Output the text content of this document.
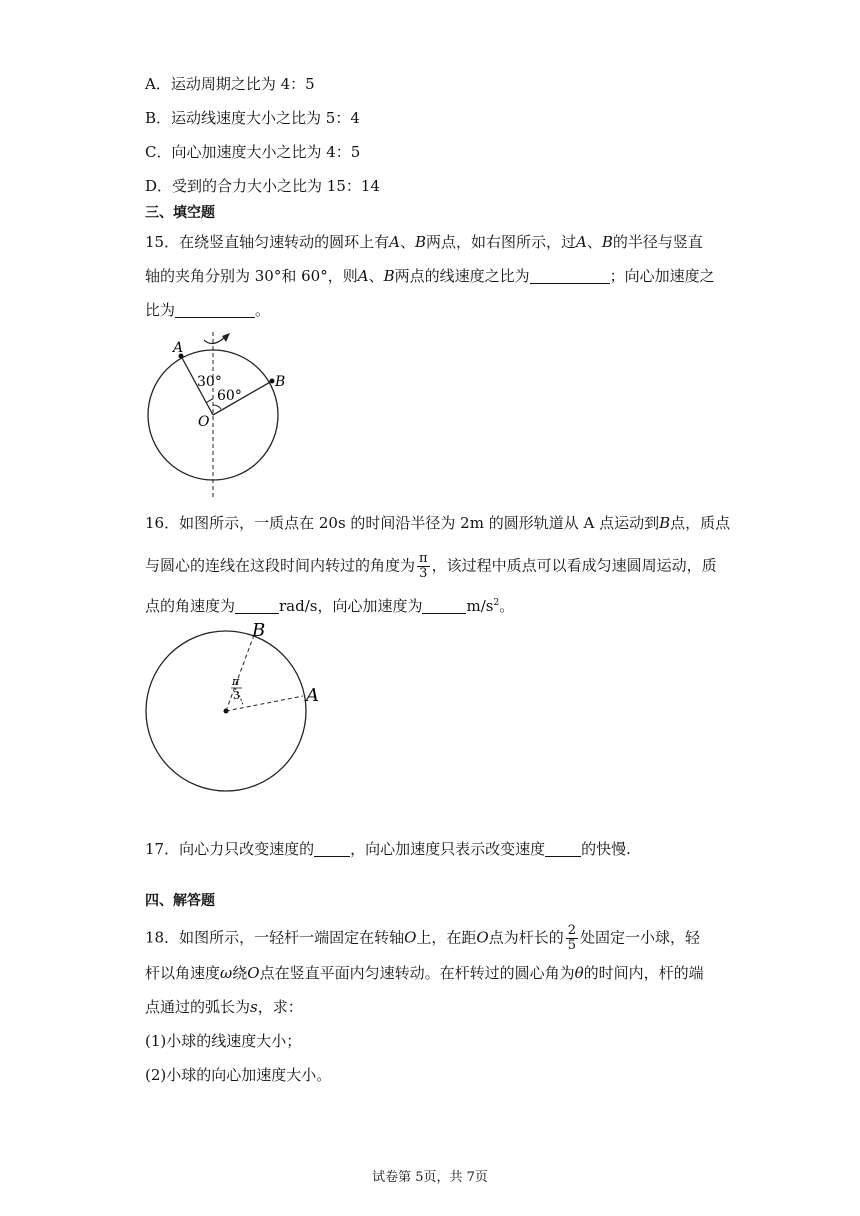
A．运动周期之比为 4：5
B．运动线速度大小之比为 5：4
C．向心加速度大小之比为 4：5
D．受到的合力大小之比为 15：14
三、填空题
15．在绕竖直轴匀速转动的圆环上有A、B两点，如右图所示，过A、B的半径与竖直
轴的夹角分别为 30°和 60°，则A、B两点的线速度之比为	；向心加速度之
比为	。
A
B
O
30°
60°
16．如图所示，一质点在 20s 的时间沿半径为 2m 的圆形轨道从 A 点运动到B点，质点
与圆心的连线在这段时间内转过的角度为 $\frac{\pi}{3}$ ，该过程中质点可以看成匀速圆周运动，质
点的角速度为	rad/s，向心加速度为	$m/s^2$。
B
A
π
3
17．向心力只改变速度的 ，向心加速度只表示改变速度 的快慢.
四、解答题
18．如图所示，一轻杆一端固定在转轴O上，在距O点为杆长的 $\frac{2}{5}$ 处固定一小球，轻
杆以角速度ω绕O点在竖直平面内匀速转动。在杆转过的圆心角为θ的时间内，杆的端
点通过的弧长为s，求：
(1)小球的线速度大小；
(2)小球的向心加速度大小。
试卷第 5页，共 7页
